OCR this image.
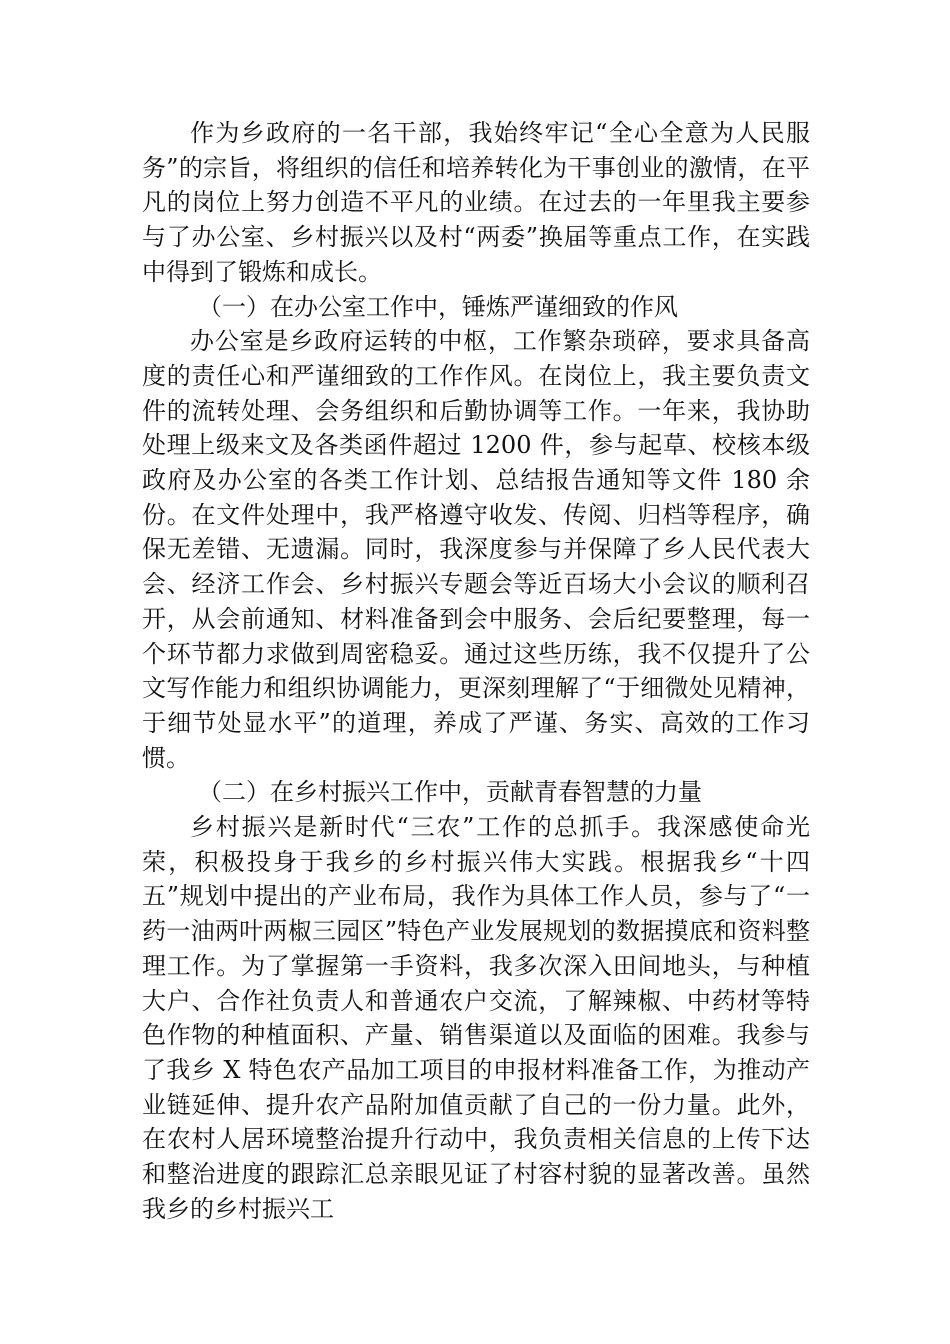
作为乡政府的一名干部，我始终牢记“全心全意为人民服务”的宗旨，将组织的信任和培养转化为干事创业的激情，在平凡的岗位上努力创造不平凡的业绩。在过去的一年里我主要参与了办公室、乡村振兴以及村“两委”换届等重点工作，在实践中得到了锻炼和成长。

（一）在办公室工作中，锤炼严谨细致的作风

办公室是乡政府运转的中枢，工作繁杂琐碎，要求具备高度的责任心和严谨细致的工作作风。在岗位上，我主要负责文件的流转处理、会务组织和后勤协调等工作。一年来，我协助处理上级来文及各类函件超过 1200 件，参与起草、校核本级政府及办公室的各类工作计划、总结报告通知等文件 180 余份。在文件处理中，我严格遵守收发、传阅、归档等程序，确保无差错、无遗漏。同时，我深度参与并保障了乡人民代表大会、经济工作会、乡村振兴专题会等近百场大小会议的顺利召开，从会前通知、材料准备到会中服务、会后纪要整理，每一个环节都力求做到周密稳妥。通过这些历练，我不仅提升了公文写作能力和组织协调能力，更深刻理解了“于细微处见精神，于细节处显水平”的道理，养成了严谨、务实、高效的工作习惯。

（二）在乡村振兴工作中，贡献青春智慧的力量

乡村振兴是新时代“三农”工作的总抓手。我深感使命光荣，积极投身于我乡的乡村振兴伟大实践。根据我乡“十四五”规划中提出的产业布局，我作为具体工作人员，参与了“一药一油两叶两椒三园区”特色产业发展规划的数据摸底和资料整理工作。为了掌握第一手资料，我多次深入田间地头，与种植大户、合作社负责人和普通农户交流，了解辣椒、中药材等特色作物的种植面积、产量、销售渠道以及面临的困难。我参与了我乡 X 特色农产品加工项目的申报材料准备工作，为推动产业链延伸、提升农产品附加值贡献了自己的一份力量。此外，在农村人居环境整治提升行动中，我负责相关信息的上传下达和整治进度的跟踪汇总亲眼见证了村容村貌的显著改善。虽然我乡的乡村振兴工
